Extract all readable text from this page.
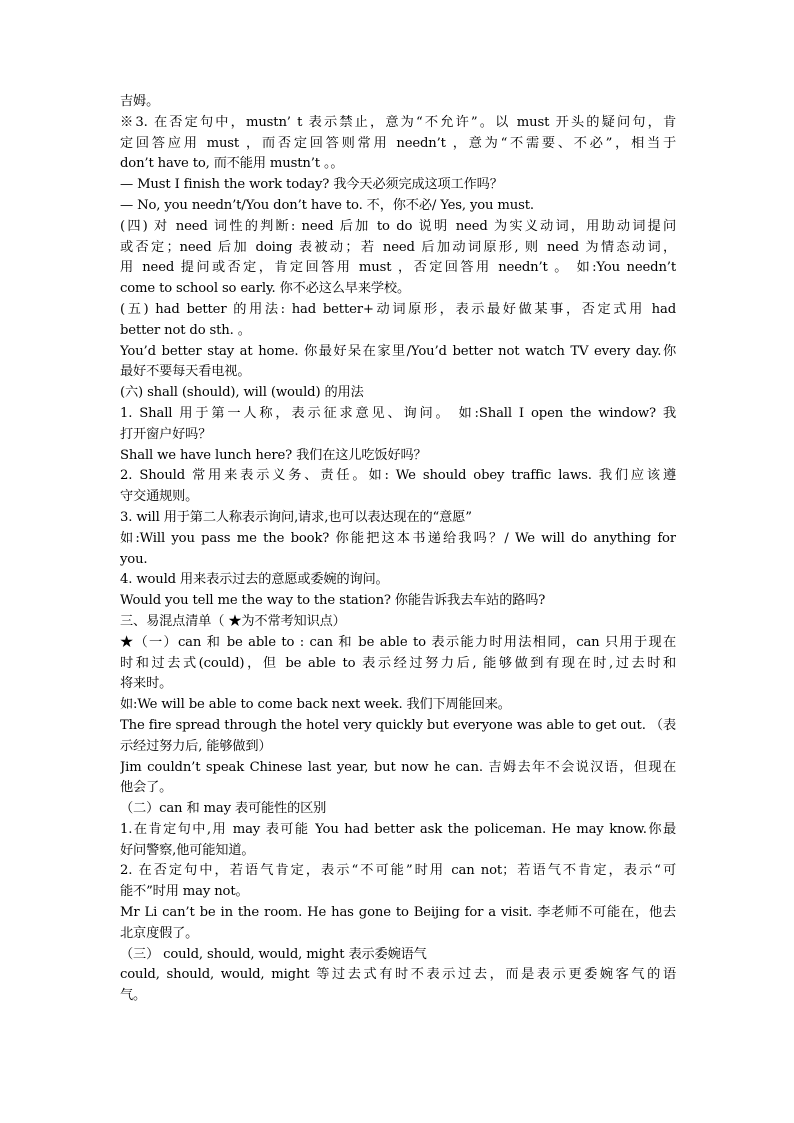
吉姆。
※3. 在否定句中，mustn’ t 表示禁止，意为“不允许”。以 must 开头的疑问句，肯
定回答应用 must ，而否定回答则常用 needn’t ，意为“不需要、不必”，相当于
don’t have to, 而不能用 mustn’t 。。
— Must I finish the work today? 我今天必须完成这项工作吗？
— No, you needn’t/You don’t have to. 不，你不必/ Yes, you must.
(四) 对 need 词性的判断: need 后加 to do 说明 need 为实义动词，用助动词提问
或否定；need 后加 doing 表被动；若 need 后加动词原形, 则 need 为情态动词，
用 need 提问或否定，肯定回答用 must ，否定回答用 needn’t 。 如:You needn’t
come to school so early. 你不必这么早来学校。
(五) had better 的用法: had better+动词原形，表示最好做某事，否定式用 had
better not do sth. 。
You’d better stay at home. 你最好呆在家里/You’d better not watch TV every day.你
最好不要每天看电视。
(六) shall (should), will (would) 的用法
1. Shall 用于第一人称，表示征求意见、询问。 如:Shall I open the window? 我
打开窗户好吗？
Shall we have lunch here? 我们在这儿吃饭好吗？
2. Should 常用来表示义务、责任。如: We should obey traffic laws. 我们应该遵
守交通规则。
3. will 用于第二人称表示询问,请求,也可以表达现在的“意愿”
如:Will you pass me the book? 你能把这本书递给我吗？/ We will do anything for
you.
4. would 用来表示过去的意愿或委婉的询问。
Would you tell me the way to the station? 你能告诉我去车站的路吗?
三、易混点清单（ ★为不常考知识点）
★（一）can 和 be able to : can 和 be able to 表示能力时用法相同，can 只用于现在
时和过去式(could)，但 be able to 表示经过努力后, 能够做到有现在时,过去时和
将来时。
如:We will be able to come back next week. 我们下周能回来。
The fire spread through the hotel very quickly but everyone was able to get out. （表
示经过努力后, 能够做到）
Jim couldn’t speak Chinese last year, but now he can. 吉姆去年不会说汉语，但现在
他会了。
（二）can 和 may 表可能性的区别
1.在肯定句中,用 may 表可能 You had better ask the policeman. He may know.你最
好问警察,他可能知道。
2. 在否定句中，若语气肯定，表示“不可能”时用 can not；若语气不肯定，表示“可
能不”时用 may not。
Mr Li can’t be in the room. He has gone to Beijing for a visit. 李老师不可能在，他去
北京度假了。
（三） could, should, would, might 表示委婉语气
could, should, would, might 等过去式有时不表示过去，而是表示更委婉客气的语
气。
